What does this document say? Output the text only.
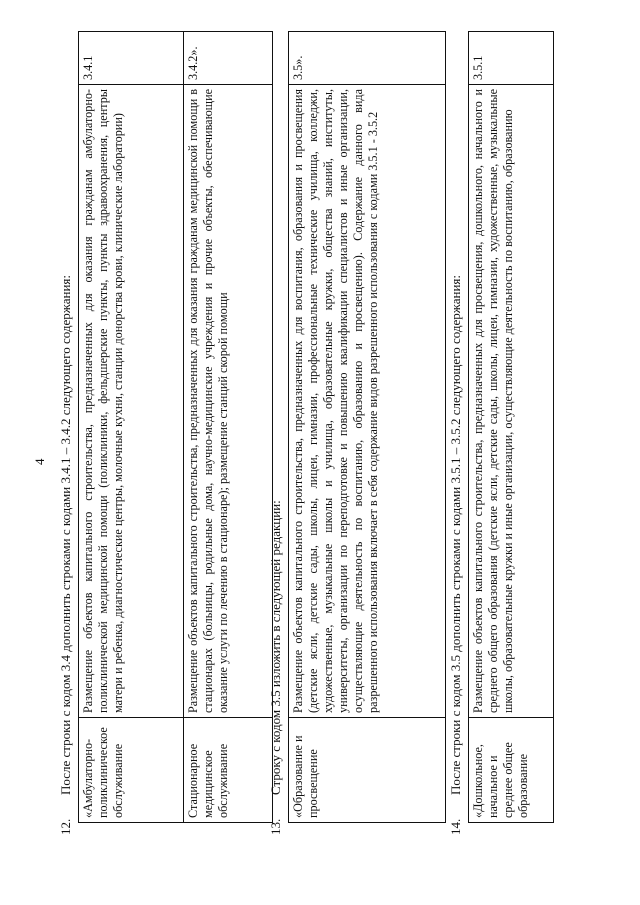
4
12.После строки с кодом 3.4 дополнить строками с кодами 3.4.1 – 3.4.2 следующего содержания: «Амбулаторно-поликлиническое обслуживание	Размещение объектов капитального строительства, предназначенных для оказания гражданам амбулаторно-поликлинической медицинской помощи (поликлиники, фельдшерские пункты, пункты здравоохранения, центры матери и ребенка, диагностические центры, молочные кухни, станции донорства крови, клинические лаборатории)	3.4.1
Стационарное медицинское обслуживание	Размещение объектов капитального строительства, предназначенных для оказания гражданам медицинской помощи в стационарах (больницы, родильные дома, научно-медицинские учреждения и прочие объекты, обеспечивающие оказание услуги по лечению в стационаре); размещение станций скорой помощи	3.4.2».
13.Строку с кодом 3.5 изложить в следующей редакции: «Образование и просвещение	Размещение объектов капитального строительства, предназначенных для воспитания, образования и просвещения (детские ясли, детские сады, школы, лицеи, гимназии, профессиональные технические училища, колледжи, художественные, музыкальные школы и училища, образовательные кружки, общества знаний, институты, университеты, организации по переподготовке и повышению квалификации специалистов и иные организации, осуществляющие деятельность по воспитанию, образованию и просвещению). Содержание данного вида разрешенного использования включает в себя содержание видов разрешенного использования с кодами 3.5.1 - 3.5.2	3.5».
14.После строки с кодом 3.5 дополнить строками с кодами 3.5.1 – 3.5.2 следующего содержания: «Дошкольное, начальное и среднее общее образование	Размещение объектов капитального строительства, предназначенных для просвещения, дошкольного, начального и среднего общего образования (детские ясли, детские сады, школы, лицеи, гимназии, художественные, музыкальные школы, образовательные кружки и иные организации, осуществляющие деятельность по воспитанию, образованию	3.5.1
